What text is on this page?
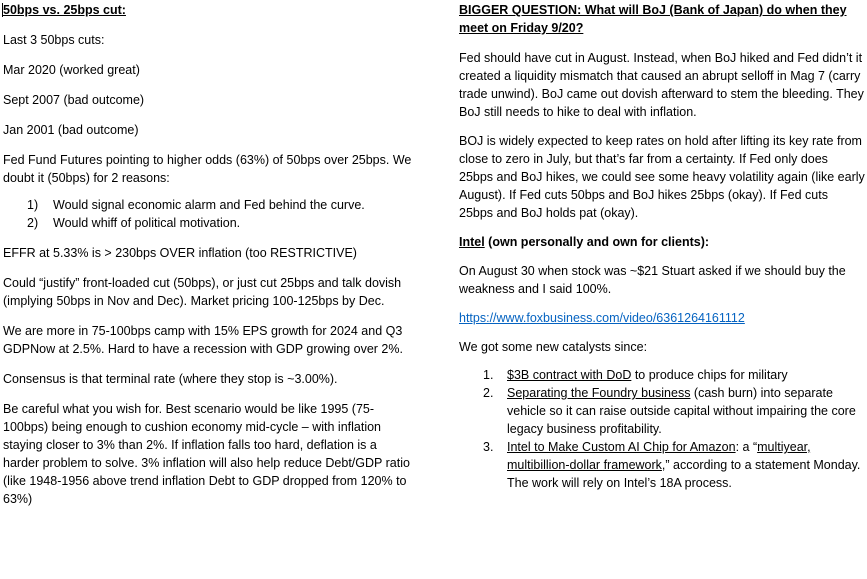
50bps vs. 25bps cut:

Last 3 50bps cuts:

Mar 2020 (worked great)

Sept 2007 (bad outcome)

Jan 2001 (bad outcome)

Fed Fund Futures pointing to higher odds (63%) of 50bps over 25bps. We doubt it (50bps) for 2 reasons:

1) Would signal economic alarm and Fed behind the curve.
2) Would whiff of political motivation.

EFFR at 5.33% is > 230bps OVER inflation (too RESTRICTIVE)

Could “justify” front-loaded cut (50bps), or just cut 25bps and talk dovish (implying 50bps in Nov and Dec). Market pricing 100-125bps by Dec.

We are more in 75-100bps camp with 15% EPS growth for 2024 and Q3 GDPNow at 2.5%. Hard to have a recession with GDP growing over 2%.

Consensus is that terminal rate (where they stop is ~3.00%).

Be careful what you wish for. Best scenario would be like 1995 (75-100bps) being enough to cushion economy mid-cycle – with inflation staying closer to 3% than 2%. If inflation falls too hard, deflation is a harder problem to solve. 3% inflation will also help reduce Debt/GDP ratio (like 1948-1956 above trend inflation Debt to GDP dropped from 120% to 63%)

BIGGER QUESTION: What will BoJ (Bank of Japan) do when they meet on Friday 9/20?

Fed should have cut in August. Instead, when BoJ hiked and Fed didn’t it created a liquidity mismatch that caused an abrupt selloff in Mag 7 (carry trade unwind). BoJ came out dovish afterward to stem the bleeding. They BoJ still needs to hike to deal with inflation.

BOJ is widely expected to keep rates on hold after lifting its key rate from close to zero in July, but that’s far from a certainty. If Fed only does 25bps and BoJ hikes, we could see some heavy volatility again (like early August). If Fed cuts 50bps and BoJ hikes 25bps (okay). If Fed cuts 25bps and BoJ holds pat (okay).

Intel (own personally and own for clients):

On August 30 when stock was ~$21 Stuart asked if we should buy the weakness and I said 100%.

https://www.foxbusiness.com/video/6361264161112

We got some new catalysts since:

1. $3B contract with DoD to produce chips for military
2. Separating the Foundry business (cash burn) into separate vehicle so it can raise outside capital without impairing the core legacy business profitability.
3. Intel to Make Custom AI Chip for Amazon: a “multiyear, multibillion-dollar framework,” according to a statement Monday. The work will rely on Intel’s 18A process.
